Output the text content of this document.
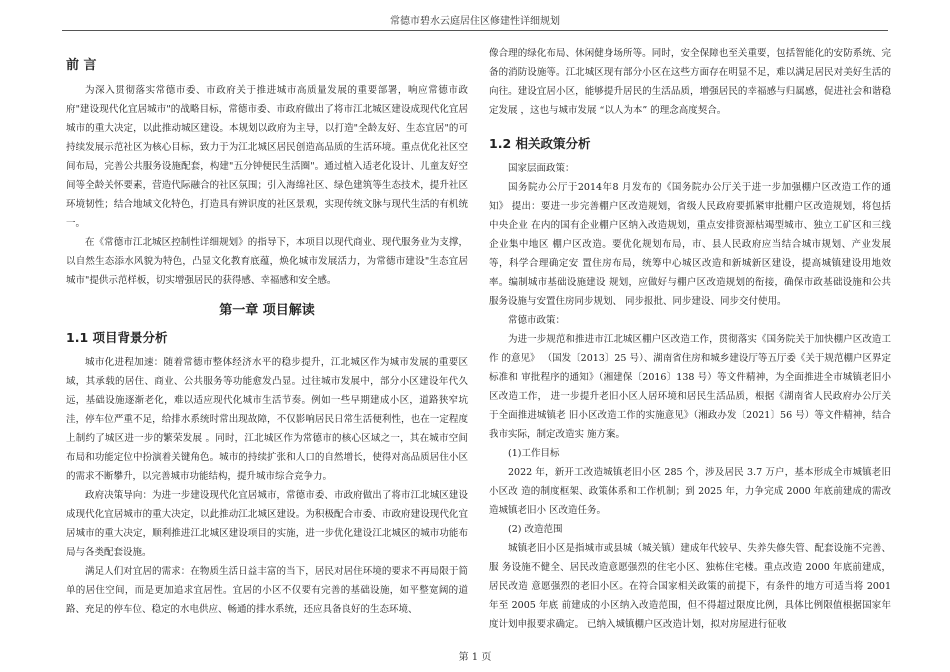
常德市碧水云庭居住区修建性详细规划
前 言

为深入贯彻落实常德市委、市政府关于推进城市高质量发展的重要部署，响应常德市政府"建设现代化宜居城市"的战略目标，常德市委、市政府做出了将市江北城区建设成现代化宜居城市的重大决定，以此推动城区建设。本规划以政府为主导，以打造"全龄友好、生态宜居"的可持续发展示范社区为核心目标，致力于为江北城区居民创造高品质的生活环境。重点优化社区空间布局，完善公共服务设施配套，构建"五分钟便民生活圈"。通过植入适老化设计、儿童友好空间等全龄关怀要素，营造代际融合的社区氛围；引入海绵社区、绿色建筑等生态技术，提升社区环境韧性；结合地域文化特色，打造具有辨识度的社区景观，实现传统文脉与现代生活的有机统一。

在《常德市江北城区控制性详细规划》的指导下，本项目以现代商业、现代服务业为支撑，以自然生态添水风貌为特色，凸显文化教育底蕴，焕化城市发展活力，为常德市建设"生态宜居城市"提供示范样板，切实增强居民的获得感、幸福感和安全感。

第一章 项目解读
1.1 项目背景分析

城市化进程加速：随着常德市整体经济水平的稳步提升，江北城区作为城市发展的重要区域，其承载的居住、商业、公共服务等功能愈发凸显。过往城市发展中，部分小区建设年代久远，基础设施逐渐老化，难以适应现代化城市生活节奏。例如一些早期建成小区，道路狭窄坑洼，停车位严重不足，给排水系统时常出现故障，不仅影响居民日常生活便利性，也在一定程度上制约了城区进一步的繁荣发展 。同时，江北城区作为常德市的核心区域之一，其在城市空间布局和功能定位中扮演着关键角色。城市的持续扩张和人口的自然增长，使得对高品质居住小区的需求不断攀升，以完善城市功能结构，提升城市综合竞争力。

政府决策导向：为进一步建设现代化宜居城市，常德市委、市政府做出了将市江北城区建设成现代化宜居城市的重大决定，以此推动江北城区建设。为积极配合市委、市政府建设现代化宜居城市的重大决定，顺利推进江北城区建设项目的实施，进一步优化建设江北城区的城市功能布局与各类配套设施。

满足人们对宜居的需求：在物质生活日益丰富的当下，居民对居住环境的要求不再局限于简单的居住空间，而是更加追求宜居性。宜居的小区不仅要有完善的基础设施，如平整宽阔的道路、充足的停车位、稳定的水电供应、畅通的排水系统，还应具备良好的生态环境、

像合理的绿化布局、休闲健身场所等。同时，安全保障也至关重要，包括智能化的安防系统、完备的消防设施等。江北城区现有部分小区在这些方面存在明显不足，难以满足居民对美好生活的向往。建设宜居小区，能够提升居民的生活品质，增强居民的幸福感与归属感，促进社会和谐稳定发展 ，这也与城市发展 “以人为本” 的理念高度契合。

1.2 相关政策分析

国家层面政策：

国务院办公厅于2014年8 月发布的《国务院办公厅关于进一步加强棚户区改造工作的通知》 提出：要进一步完善棚户区改造规划，省级人民政府要抓紧审批棚户区改造规划，将包括中央企业 在内的国有企业棚户区纳入改造规划，重点安排资源枯竭型城市、独立工矿区和三线企业集中地区 棚户区改造。要优化规划布局，市、县人民政府应当结合城市规划、产业发展等，科学合理确定安 置住房布局，统筹中心城区改造和新城新区建设，提高城镇建设用地效率。编制城市基础设施建设 规划，应做好与棚户区改造规划的衔接，确保市政基础设施和公共服务设施与安置住房同步规划、 同步报批、同步建设、同步交付使用。

常德市政策：

为进一步规范和推进市江北城区棚户区改造工作，贯彻落实《国务院关于加快棚户区改造工作 的意见》 （国发〔2013〕25 号）、湖南省住房和城乡建设厅等五厅委《关于规范棚户区界定标准和 审批程序的通知》（湘建保〔2016〕138 号）等文件精神，为全面推进全市城镇老旧小区改造工作， 进一步提升老旧小区人居环境和居民生活品质，根据《湖南省人民政府办公厅关于全面推进城镇老 旧小区改造工作的实施意见》（湘政办发〔2021〕56 号）等文件精神，结合我市实际，制定改造实 施方案。

(1)工作目标

2022 年，新开工改造城镇老旧小区 285 个，涉及居民 3.7 万户，基本形成全市城镇老旧小区改 造的制度框架、政策体系和工作机制；到 2025 年，力争完成 2000 年底前建成的需改造城镇老旧小 区改造任务。

(2) 改造范围

城镇老旧小区是指城市或县城（城关镇）建成年代较早、失养失修失管、配套设施不完善、服 务设施不健全、居民改造意愿强烈的住宅小区、独栋住宅楼。重点改造 2000 年底前建成，居民改造 意愿强烈的老旧小区。在符合国家相关政策的前提下，有条件的地方可适当将 2001 年至 2005 年底 前建成的小区纳入改造范围，但不得超过限度比例，具体比例限值根据国家年度计划申报要求确定。 已纳入城镇棚户区改造计划，拟对房屋进行征收

第 1 页
